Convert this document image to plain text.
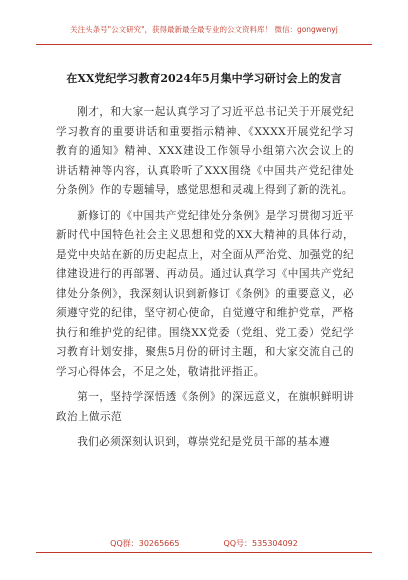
关注头条号"公文研究"，获得最新最全最专业的公文资料库！ 微信：gongwenyj
在XX党纪学习教育2024年5月集中学习研讨会上的发言

刚才，和大家一起认真学习了习近平总书记关于开展党纪学习教育的重要讲话和重要指示精神、《XXXX开展党纪学习教育的通知》精神、XXX建设工作领导小组第六次会议上的讲话精神等内容，认真聆听了XXX围绕《中国共产党纪律处分条例》作的专题辅导，感觉思想和灵魂上得到了新的洗礼。

新修订的《中国共产党纪律处分条例》是学习贯彻习近平新时代中国特色社会主义思想和党的XX大精神的具体行动，是党中央站在新的历史起点上，对全面从严治党、加强党的纪律建设进行的再部署、再动员。通过认真学习《中国共产党纪律处分条例》，我深刻认识到新修订《条例》的重要意义，必须遵守党的纪律，坚守初心使命，自觉遵守和维护党章，严格执行和维护党的纪律。围绕XX党委（党组、党工委）党纪学习教育计划安排，聚焦5月份的研讨主题，和大家交流自己的学习心得体会，不足之处，敬请批评指正。

第一，坚持学深悟透《条例》的深远意义，在旗帜鲜明讲政治上做示范

我们必须深刻认识到，尊崇党纪是党员干部的基本遵

QQ群：30265665	QQ号：535304092
